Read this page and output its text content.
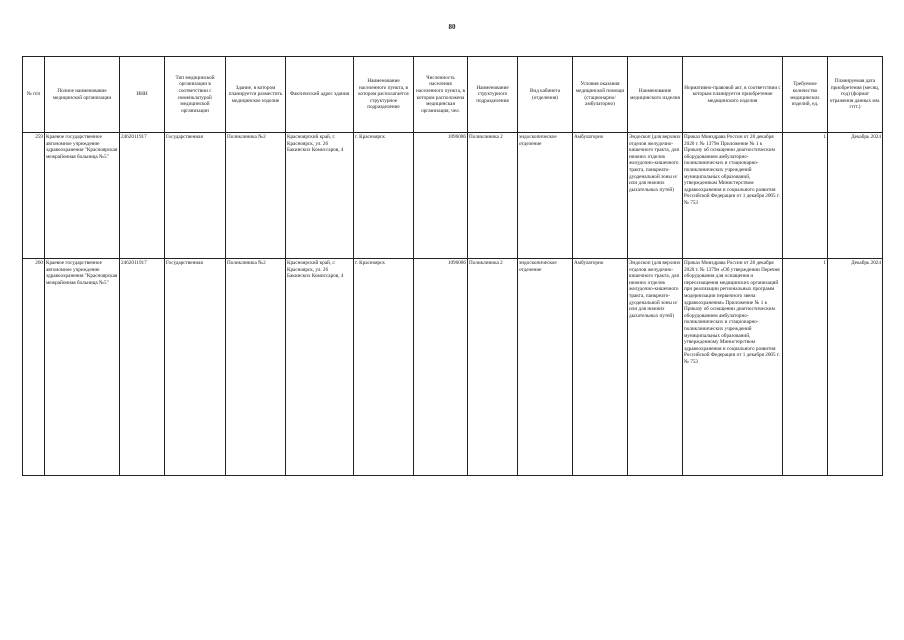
80
№ п/п	Полное наименование медицинской организации	ИНН	Тип медицинской организации в соответствии с номенклатурой медицинской организации	Здание, в котором планируется разместить медицинское изделие	Фактический адрес здания	Наименование населенного пункта, в котором располагается структурное подразделение	Численность населения населенного пункта, в котором расположена медицинская организация, чел.	Наименование структурного подразделения	Вид кабинета (отделения)	Условия оказания медицинской помощи (стационарно/амбулаторно)	Наименование медицинского изделия	Нормативно-правовой акт, в соответствии с которым планируется приобретение медицинского изделия	Требуемое количество медицинских изделий, ед.	Планируемая дата приобретения (месяц, год) (формат отражения данных мм. гггг.)
259	Краевое государственное автономное учреждение здравоохранения "Красноярская межрайонная больница №5"	2462011917	Государственная	Поликлиника №2	Красноярский край, г. Красноярск, ул. 26 Бакинских Комиссаров, 4	г. Красноярск	1096086	Поликлиника 2	эндоскопическое отделение	Амбулаторно	Эндоскоп (для верхних отделов желудочно-кишечного тракта, для нижних отделов желудочно-кишечного тракта, панкреато-дуоденальной зоны и/или для нижних дыхательных путей)	Приказ Минздрава России от 28 декабря 2020 г. № 1379н Приложение № 1 к Приказу об оснащении диагностическим оборудованием амбулаторно-поликлинических и стационарно-поликлинических учреждений муниципальных образований, утвержденным Министерством здравоохранения и социального развития Российской Федерации от 1 декабря 2005 г. № 753	1	Декабрь 2024
260	Краевое государственное автономное учреждение здравоохранения "Красноярская межрайонная больница №5"	2462011917	Государственная	Поликлиника №2	Красноярский край, г. Красноярск, ул. 26 Бакинских Комиссаров, 4	г. Красноярск	1096086	Поликлиника 2	эндоскопическое отделение	Амбулаторно	Эндоскоп (для верхних отделов желудочно-кишечного тракта, для нижних отделов желудочно-кишечного тракта, панкреато-дуоденальной зоны и/или для нижних дыхательных путей)	Приказ Минздрава России от 28 декабря 2020 г. № 1379н «Об утверждении Перечня оборудования для оснащения и переоснащения медицинских организаций при реализации региональных программ модернизации первичного звена здравоохранения» Приложение № 1 к Приказу об оснащении диагностическим оборудованием амбулаторно-поликлинических и стационарно-поликлинических учреждений муниципальных образований, утвержденному Министерством здравоохранения и социального развития Российской Федерации от 1 декабря 2005 г. № 753	1	Декабрь 2024
